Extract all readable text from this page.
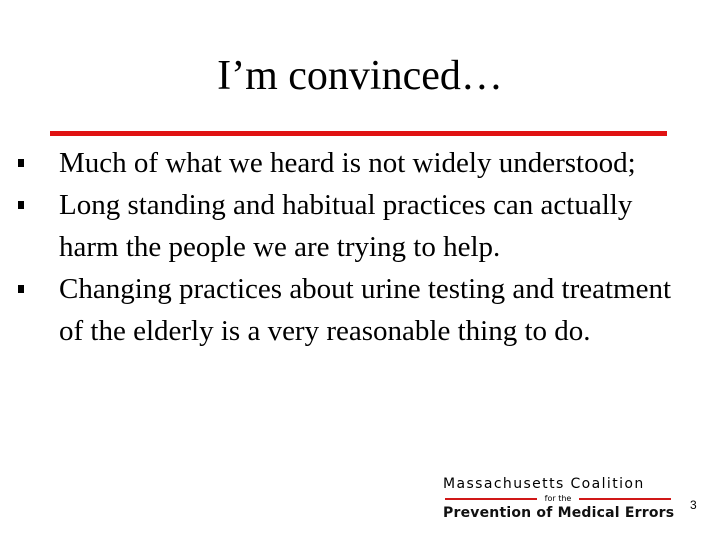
I’m convinced…
Much of what we heard is not widely understood;
Long standing and habitual practices can actually harm the people we are trying to help.
Changing practices about urine testing and treatment of the elderly is a very reasonable thing to do.
Massachusetts Coalition
for the
Prevention of Medical Errors 3
